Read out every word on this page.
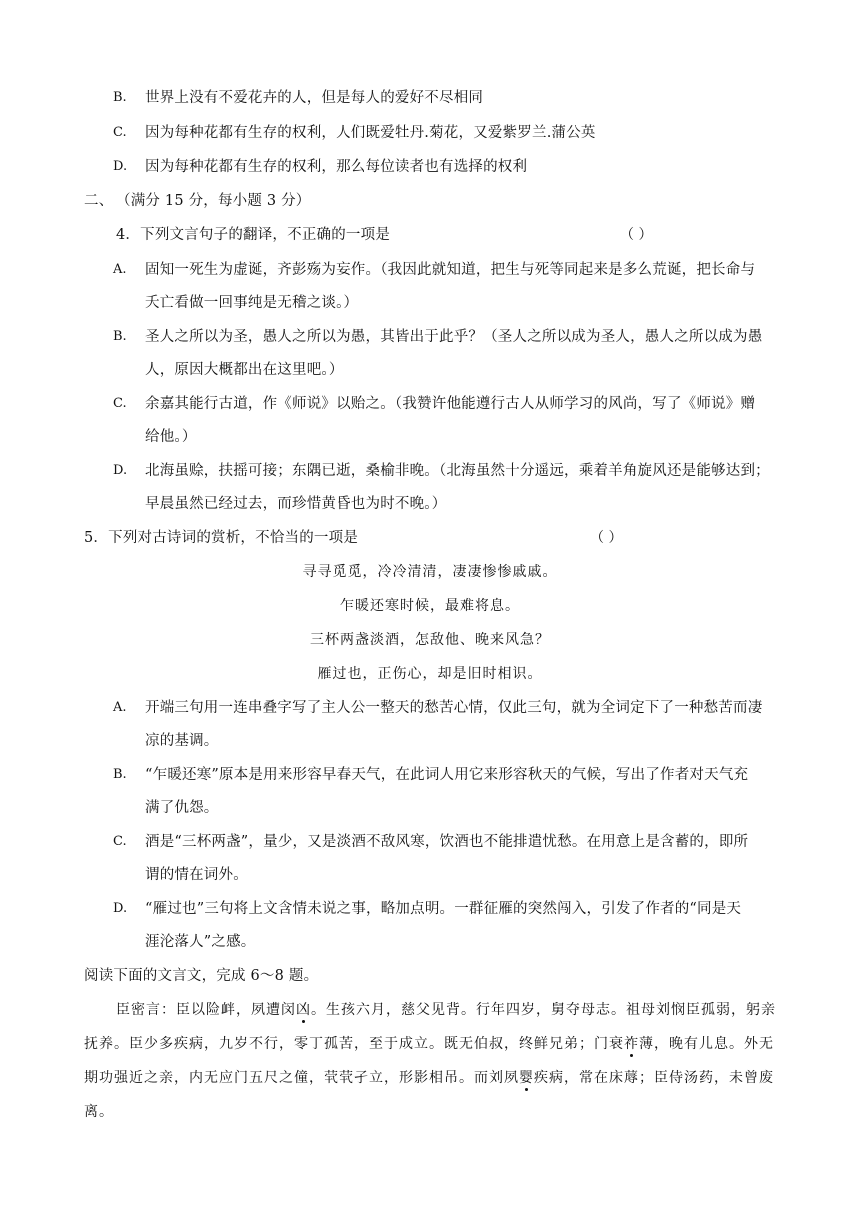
B. 世界上没有不爱花卉的人，但是每人的爱好不尽相同
C. 因为每种花都有生存的权利，人们既爱牡丹.菊花，又爱紫罗兰.蒲公英
D. 因为每种花都有生存的权利，那么每位读者也有选择的权利
二、 （满分 15 分，每小题 3 分）
4．下列文言句子的翻译，不正确的一项是	（ ）
A. 固知一死生为虚诞，齐彭殇为妄作。（我因此就知道，把生与死等同起来是多么荒诞，把长命与
夭亡看做一回事纯是无稽之谈。）
B. 圣人之所以为圣，愚人之所以为愚，其皆出于此乎？（圣人之所以成为圣人，愚人之所以成为愚
人，原因大概都出在这里吧。）
C. 余嘉其能行古道，作《师说》以贻之。（我赞许他能遵行古人从师学习的风尚，写了《师说》赠
给他。）
D. 北海虽赊，扶摇可接；东隅已逝，桑榆非晚。（北海虽然十分遥远，乘着羊角旋风还是能够达到；
早晨虽然已经过去，而珍惜黄昏也为时不晚。）
5．下列对古诗词的赏析，不恰当的一项是	（ ）
寻寻觅觅，冷冷清清，凄凄惨惨戚戚。
乍暖还寒时候，最难将息。
三杯两盏淡酒，怎敌他、晚来风急？
雁过也，正伤心，却是旧时相识。
A. 开端三句用一连串叠字写了主人公一整天的愁苦心情，仅此三句，就为全词定下了一种愁苦而凄
凉的基调。
B. “乍暖还寒”原本是用来形容早春天气，在此词人用它来形容秋天的气候，写出了作者对天气充
满了仇怨。
C. 酒是“三杯两盏”，量少，又是淡酒不敌风寒，饮酒也不能排遣忧愁。在用意上是含蓄的，即所
谓的情在词外。
D. “雁过也”三句将上文含情未说之事，略加点明。一群征雁的突然闯入，引发了作者的“同是天
涯沦落人”之感。
阅读下面的文言文，完成 6～8 题。
臣密言：臣以险衅，夙遭闵凶。生孩六月，慈父见背。行年四岁，舅夺母志。祖母刘悯臣孤弱，躬亲
抚养。臣少多疾病，九岁不行，零丁孤苦，至于成立。既无伯叔，终鲜兄弟；门衰祚薄，晚有儿息。外无
期功强近之亲，内无应门五尺之僮，茕茕孑立，形影相吊。而刘夙婴疾病，常在床蓐；臣侍汤药，未曾废
离。
